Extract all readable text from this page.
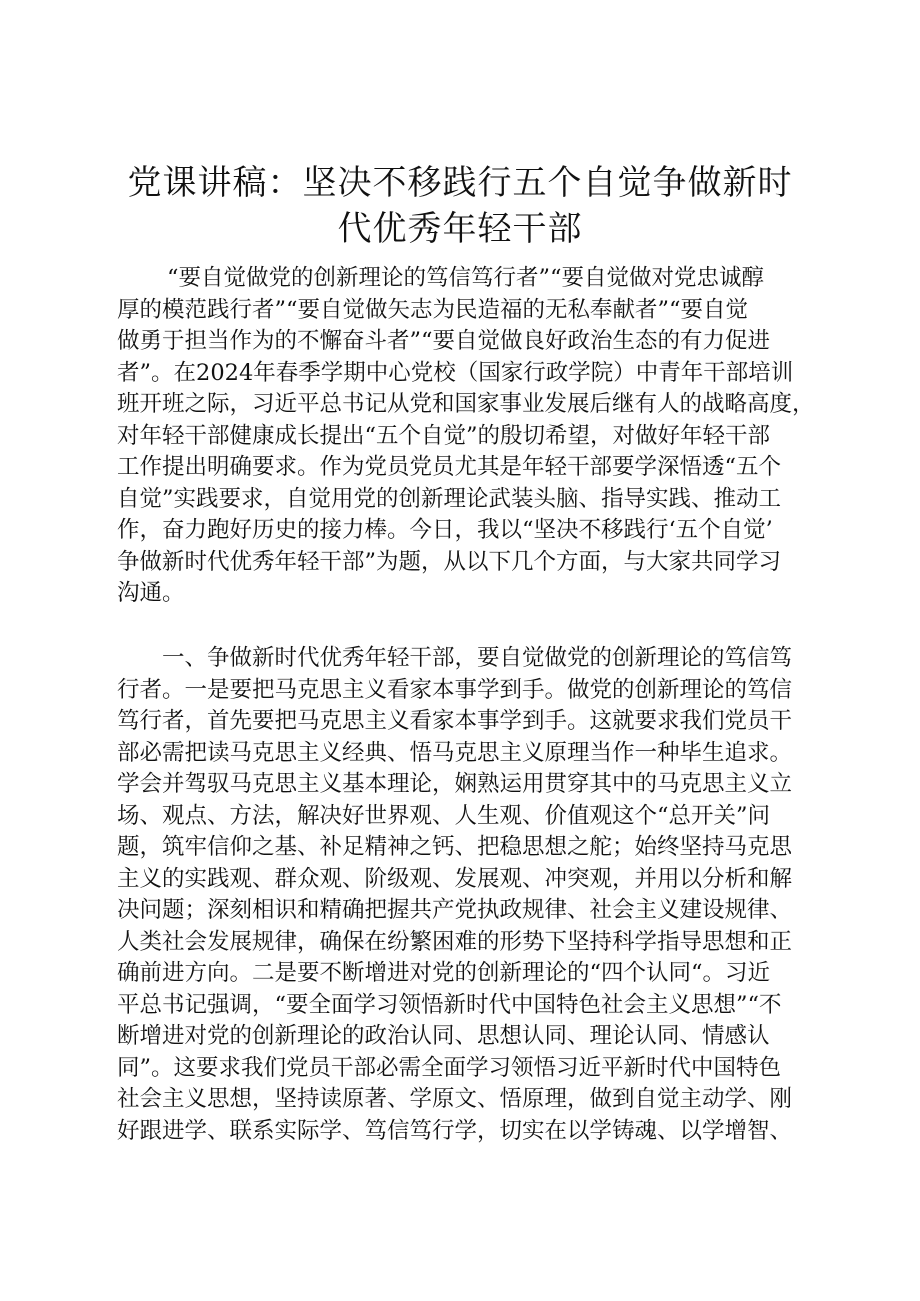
党课讲稿：坚决不移践行五个自觉争做新时
代优秀年轻干部
“要自觉做党的创新理论的笃信笃行者”“要自觉做对党忠诚醇
厚的模范践行者”“要自觉做矢志为民造福的无私奉献者”“要自觉
做勇于担当作为的不懈奋斗者”“要自觉做良好政治生态的有力促进
者”。在2024年春季学期中心党校（国家行政学院）中青年干部培训
班开班之际，习近平总书记从党和国家事业发展后继有人的战略高度，
对年轻干部健康成长提出“五个自觉”的殷切希望，对做好年轻干部
工作提出明确要求。作为党员党员尤其是年轻干部要学深悟透“五个
自觉”实践要求，自觉用党的创新理论武装头脑、指导实践、推动工
作，奋力跑好历史的接力棒。今日，我以“坚决不移践行‘五个自觉’
争做新时代优秀年轻干部”为题，从以下几个方面，与大家共同学习
沟通。
一、争做新时代优秀年轻干部，要自觉做党的创新理论的笃信笃
行者。一是要把马克思主义看家本事学到手。做党的创新理论的笃信
笃行者，首先要把马克思主义看家本事学到手。这就要求我们党员干
部必需把读马克思主义经典、悟马克思主义原理当作一种毕生追求。
学会并驾驭马克思主义基本理论，娴熟运用贯穿其中的马克思主义立
场、观点、方法，解决好世界观、人生观、价值观这个“总开关”问
题，筑牢信仰之基、补足精神之钙、把稳思想之舵；始终坚持马克思
主义的实践观、群众观、阶级观、发展观、冲突观，并用以分析和解
决问题；深刻相识和精确把握共产党执政规律、社会主义建设规律、
人类社会发展规律，确保在纷繁困难的形势下坚持科学指导思想和正
确前进方向。二是要不断增进对党的创新理论的“四个认同“。习近
平总书记强调，“要全面学习领悟新时代中国特色社会主义思想”“不
断增进对党的创新理论的政治认同、思想认同、理论认同、情感认
同”。这要求我们党员干部必需全面学习领悟习近平新时代中国特色
社会主义思想，坚持读原著、学原文、悟原理，做到自觉主动学、刚
好跟进学、联系实际学、笃信笃行学，切实在以学铸魂、以学增智、
